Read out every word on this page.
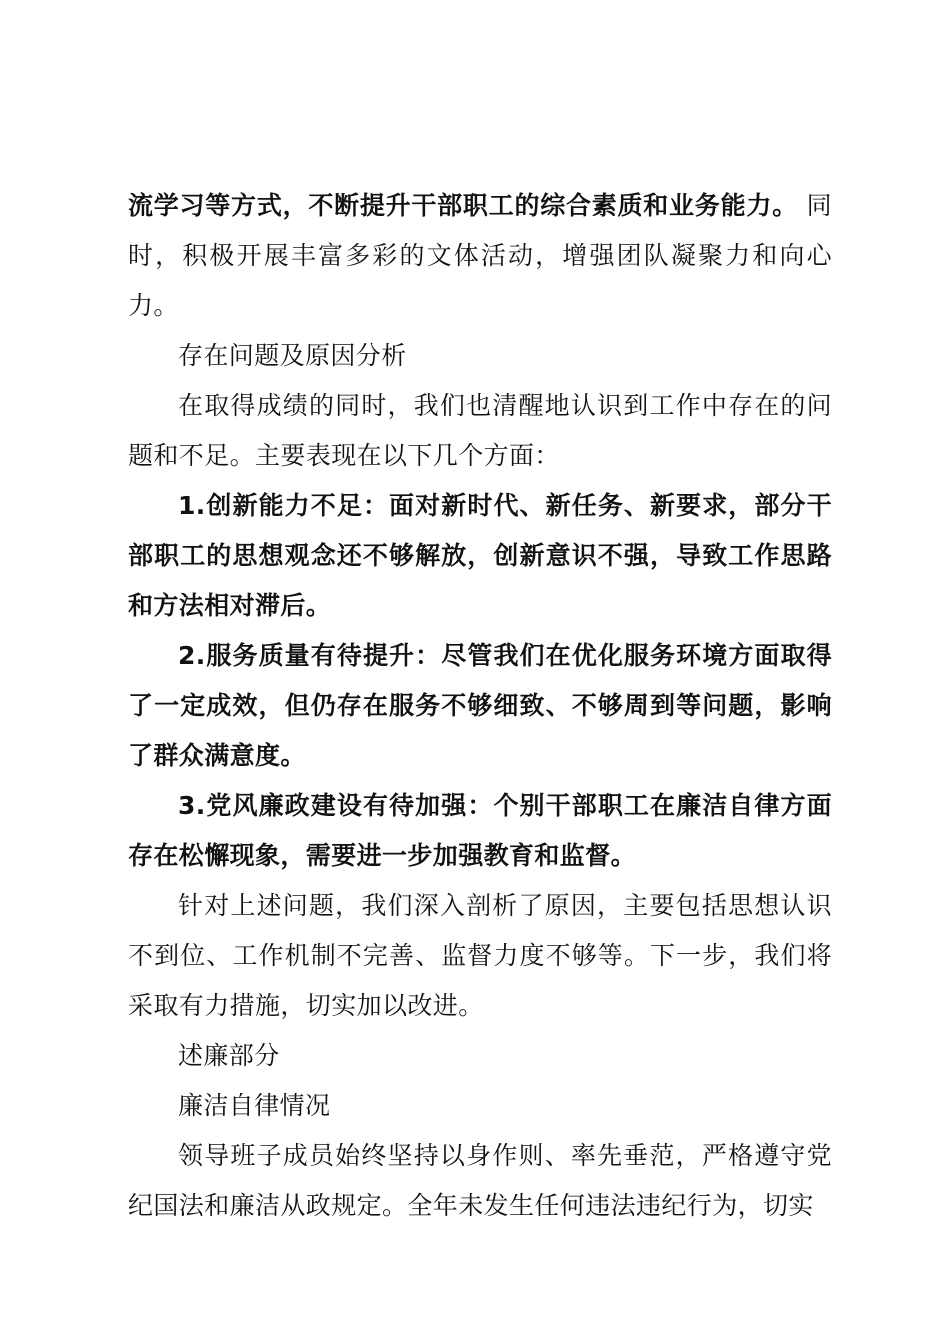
流学习等方式，不断提升干部职工的综合素质和业务能力。 同时，积极开展丰富多彩的文体活动，增强团队凝聚力和向心力。

存在问题及原因分析

在取得成绩的同时，我们也清醒地认识到工作中存在的问题和不足。主要表现在以下几个方面：

1.创新能力不足：面对新时代、新任务、新要求，部分干部职工的思想观念还不够解放，创新意识不强，导致工作思路和方法相对滞后。

2.服务质量有待提升：尽管我们在优化服务环境方面取得了一定成效，但仍存在服务不够细致、不够周到等问题，影响了群众满意度。

3.党风廉政建设有待加强：个别干部职工在廉洁自律方面存在松懈现象，需要进一步加强教育和监督。

针对上述问题，我们深入剖析了原因，主要包括思想认识不到位、工作机制不完善、监督力度不够等。下一步，我们将采取有力措施，切实加以改进。

述廉部分

廉洁自律情况

领导班子成员始终坚持以身作则、率先垂范，严格遵守党纪国法和廉洁从政规定。全年未发生任何违法违纪行为，切实
